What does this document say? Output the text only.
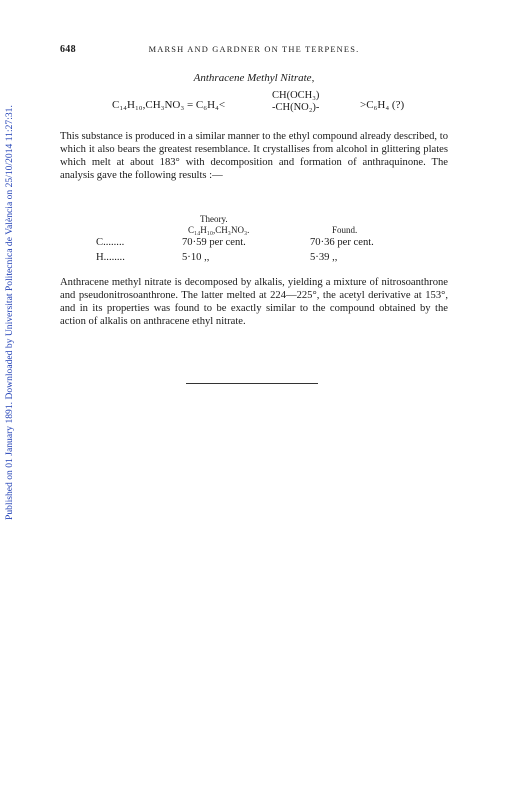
Published on 01 January 1891. Downloaded by Universitat Politecnica de València on 25/10/2014 11:27:31.
648	MARSH AND GARDNER ON THE TERPENES.
Anthracene Methyl Nitrate,
C₁₄H₁₀,CH₃NO₃ = C₆H₄<
CH(OCH₃)
-CH(NO₂)-	>C₆H₄ (?)

This substance is produced in a similar manner to the ethyl compound already described, to which it also bears the greatest resemblance. It crystallises from alcohol in glittering plates which melt at about 183° with decomposition and formation of anthraquinone. The analysis gave the following results :—

Theory.
C₁₄H₁₀,CH₃NO₃.	Found.
C........	70·59 per cent.	70·36 per cent.
H........	5·10 ,,	5·39 ,,

Anthracene methyl nitrate is decomposed by alkalis, yielding a mixture of nitrosoanthrone and pseudonitrosoanthrone. The latter melted at 224—225°, the acetyl derivative at 153°, and in its properties was found to be exactly similar to the compound obtained by the action of alkalis on anthracene ethyl nitrate.
